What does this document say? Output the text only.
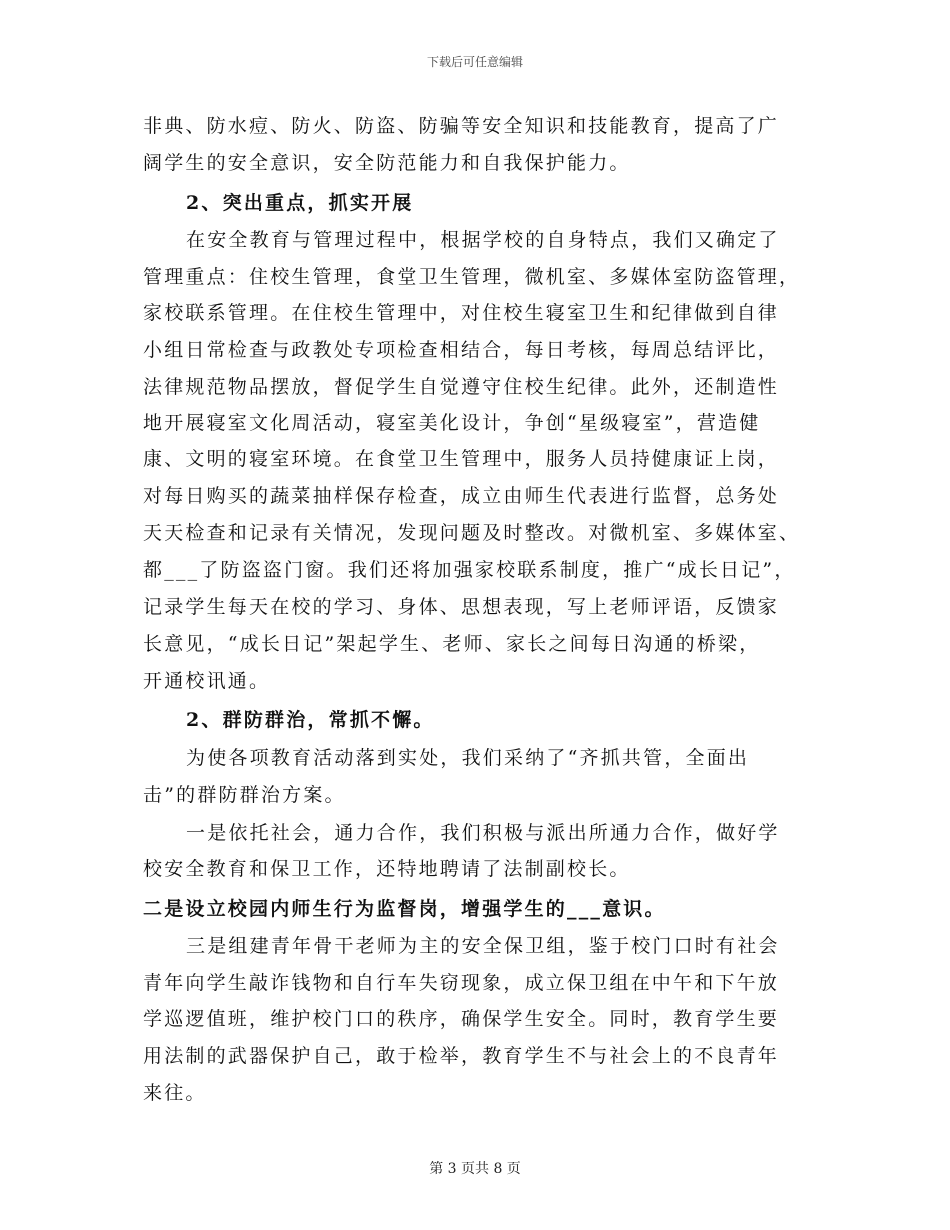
下载后可任意编辑
非典、防水痘、防火、防盗、防骗等安全知识和技能教育，提高了广
阔学生的安全意识，安全防范能力和自我保护能力。
2、突出重点，抓实开展
在安全教育与管理过程中，根据学校的自身特点，我们又确定了
管理重点：住校生管理，食堂卫生管理，微机室、多媒体室防盗管理，
家校联系管理。在住校生管理中，对住校生寝室卫生和纪律做到自律
小组日常检查与政教处专项检查相结合，每日考核，每周总结评比，
法律规范物品摆放，督促学生自觉遵守住校生纪律。此外，还制造性
地开展寝室文化周活动，寝室美化设计，争创“星级寝室”，营造健
康、文明的寝室环境。在食堂卫生管理中，服务人员持健康证上岗，
对每日购买的蔬菜抽样保存检查，成立由师生代表进行监督，总务处
天天检查和记录有关情况，发现问题及时整改。对微机室、多媒体室、
都___了防盗盗门窗。我们还将加强家校联系制度，推广“成长日记”，
记录学生每天在校的学习、身体、思想表现，写上老师评语，反馈家
长意见，“成长日记”架起学生、老师、家长之间每日沟通的桥梁，
开通校讯通。
2、群防群治，常抓不懈。
为使各项教育活动落到实处，我们采纳了“齐抓共管，全面出
击”的群防群治方案。
一是依托社会，通力合作，我们积极与派出所通力合作，做好学
校安全教育和保卫工作，还特地聘请了法制副校长。
二是设立校园内师生行为监督岗，增强学生的___意识。
三是组建青年骨干老师为主的安全保卫组，鉴于校门口时有社会
青年向学生敲诈钱物和自行车失窃现象，成立保卫组在中午和下午放
学巡逻值班，维护校门口的秩序，确保学生安全。同时，教育学生要
用法制的武器保护自己，敢于检举，教育学生不与社会上的不良青年
来往。
第 3 页共 8 页
